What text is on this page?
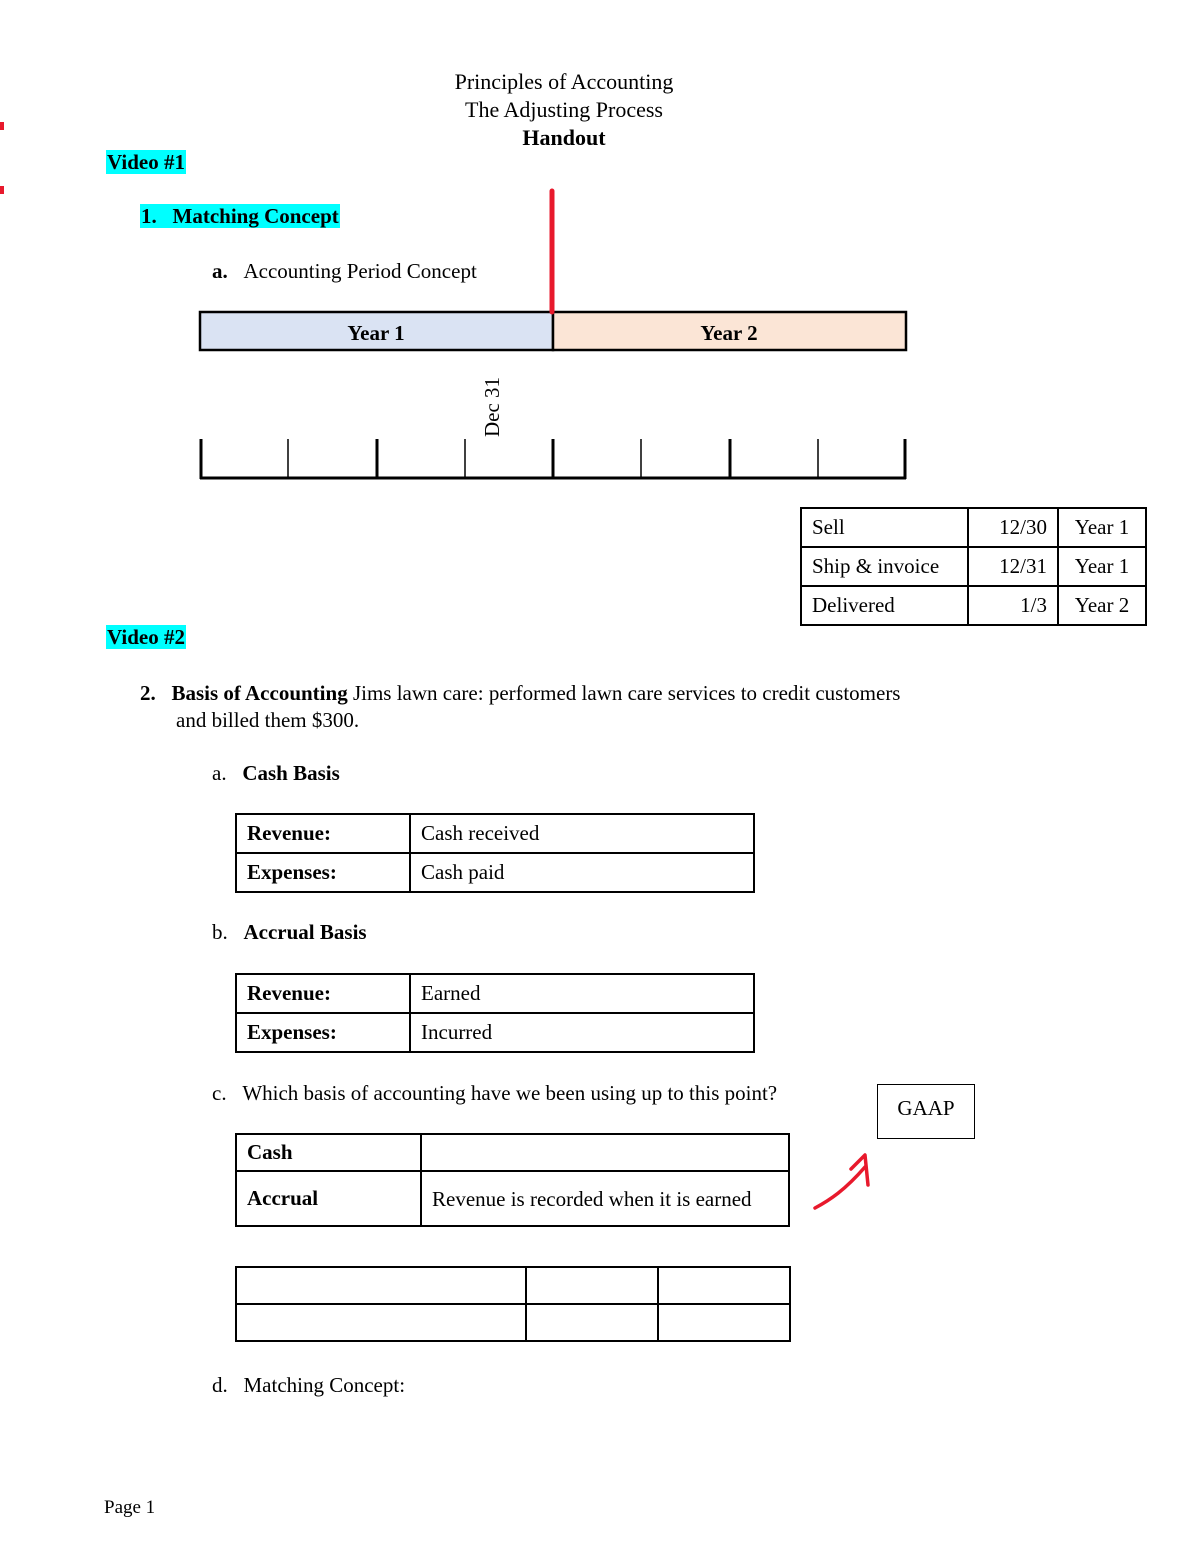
Principles of Accounting
The Adjusting Process
Handout
Video #1
1. Matching Concept
a. Accounting Period Concept
Year 1	Year 2
Dec 31
Sell	12/30	Year 1
Ship & invoice	12/31	Year 1
Delivered	1/3	Year 2
Video #2
2. Basis of Accounting Jims lawn care: performed lawn care services to credit customers
and billed them $300.
a. Cash Basis
Revenue:	Cash received
Expenses:	Cash paid
b. Accrual Basis
Revenue:	Earned
Expenses:	Incurred
c. Which basis of accounting have we been using up to this point?
GAAP
Cash	
Accrual	Revenue is recorded when it is earned

d. Matching Concept:
Page 1
